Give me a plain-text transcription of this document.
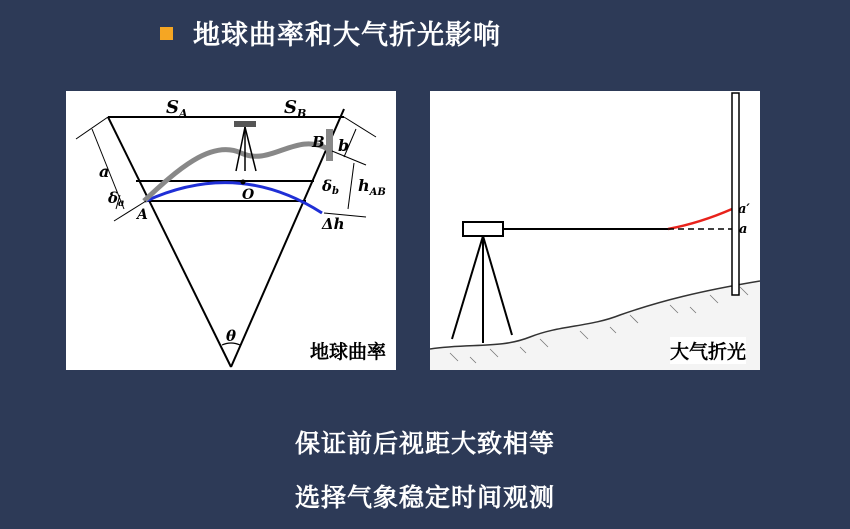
地球曲率和大气折光影响
$S_A$	$S_B$
a
b
B
A
O
$\delta_a$
$\delta_b$ $h_{AB}$
Δh
θ
地球曲率
a′
a
大气折光
保证前后视距大致相等
选择气象稳定时间观测
